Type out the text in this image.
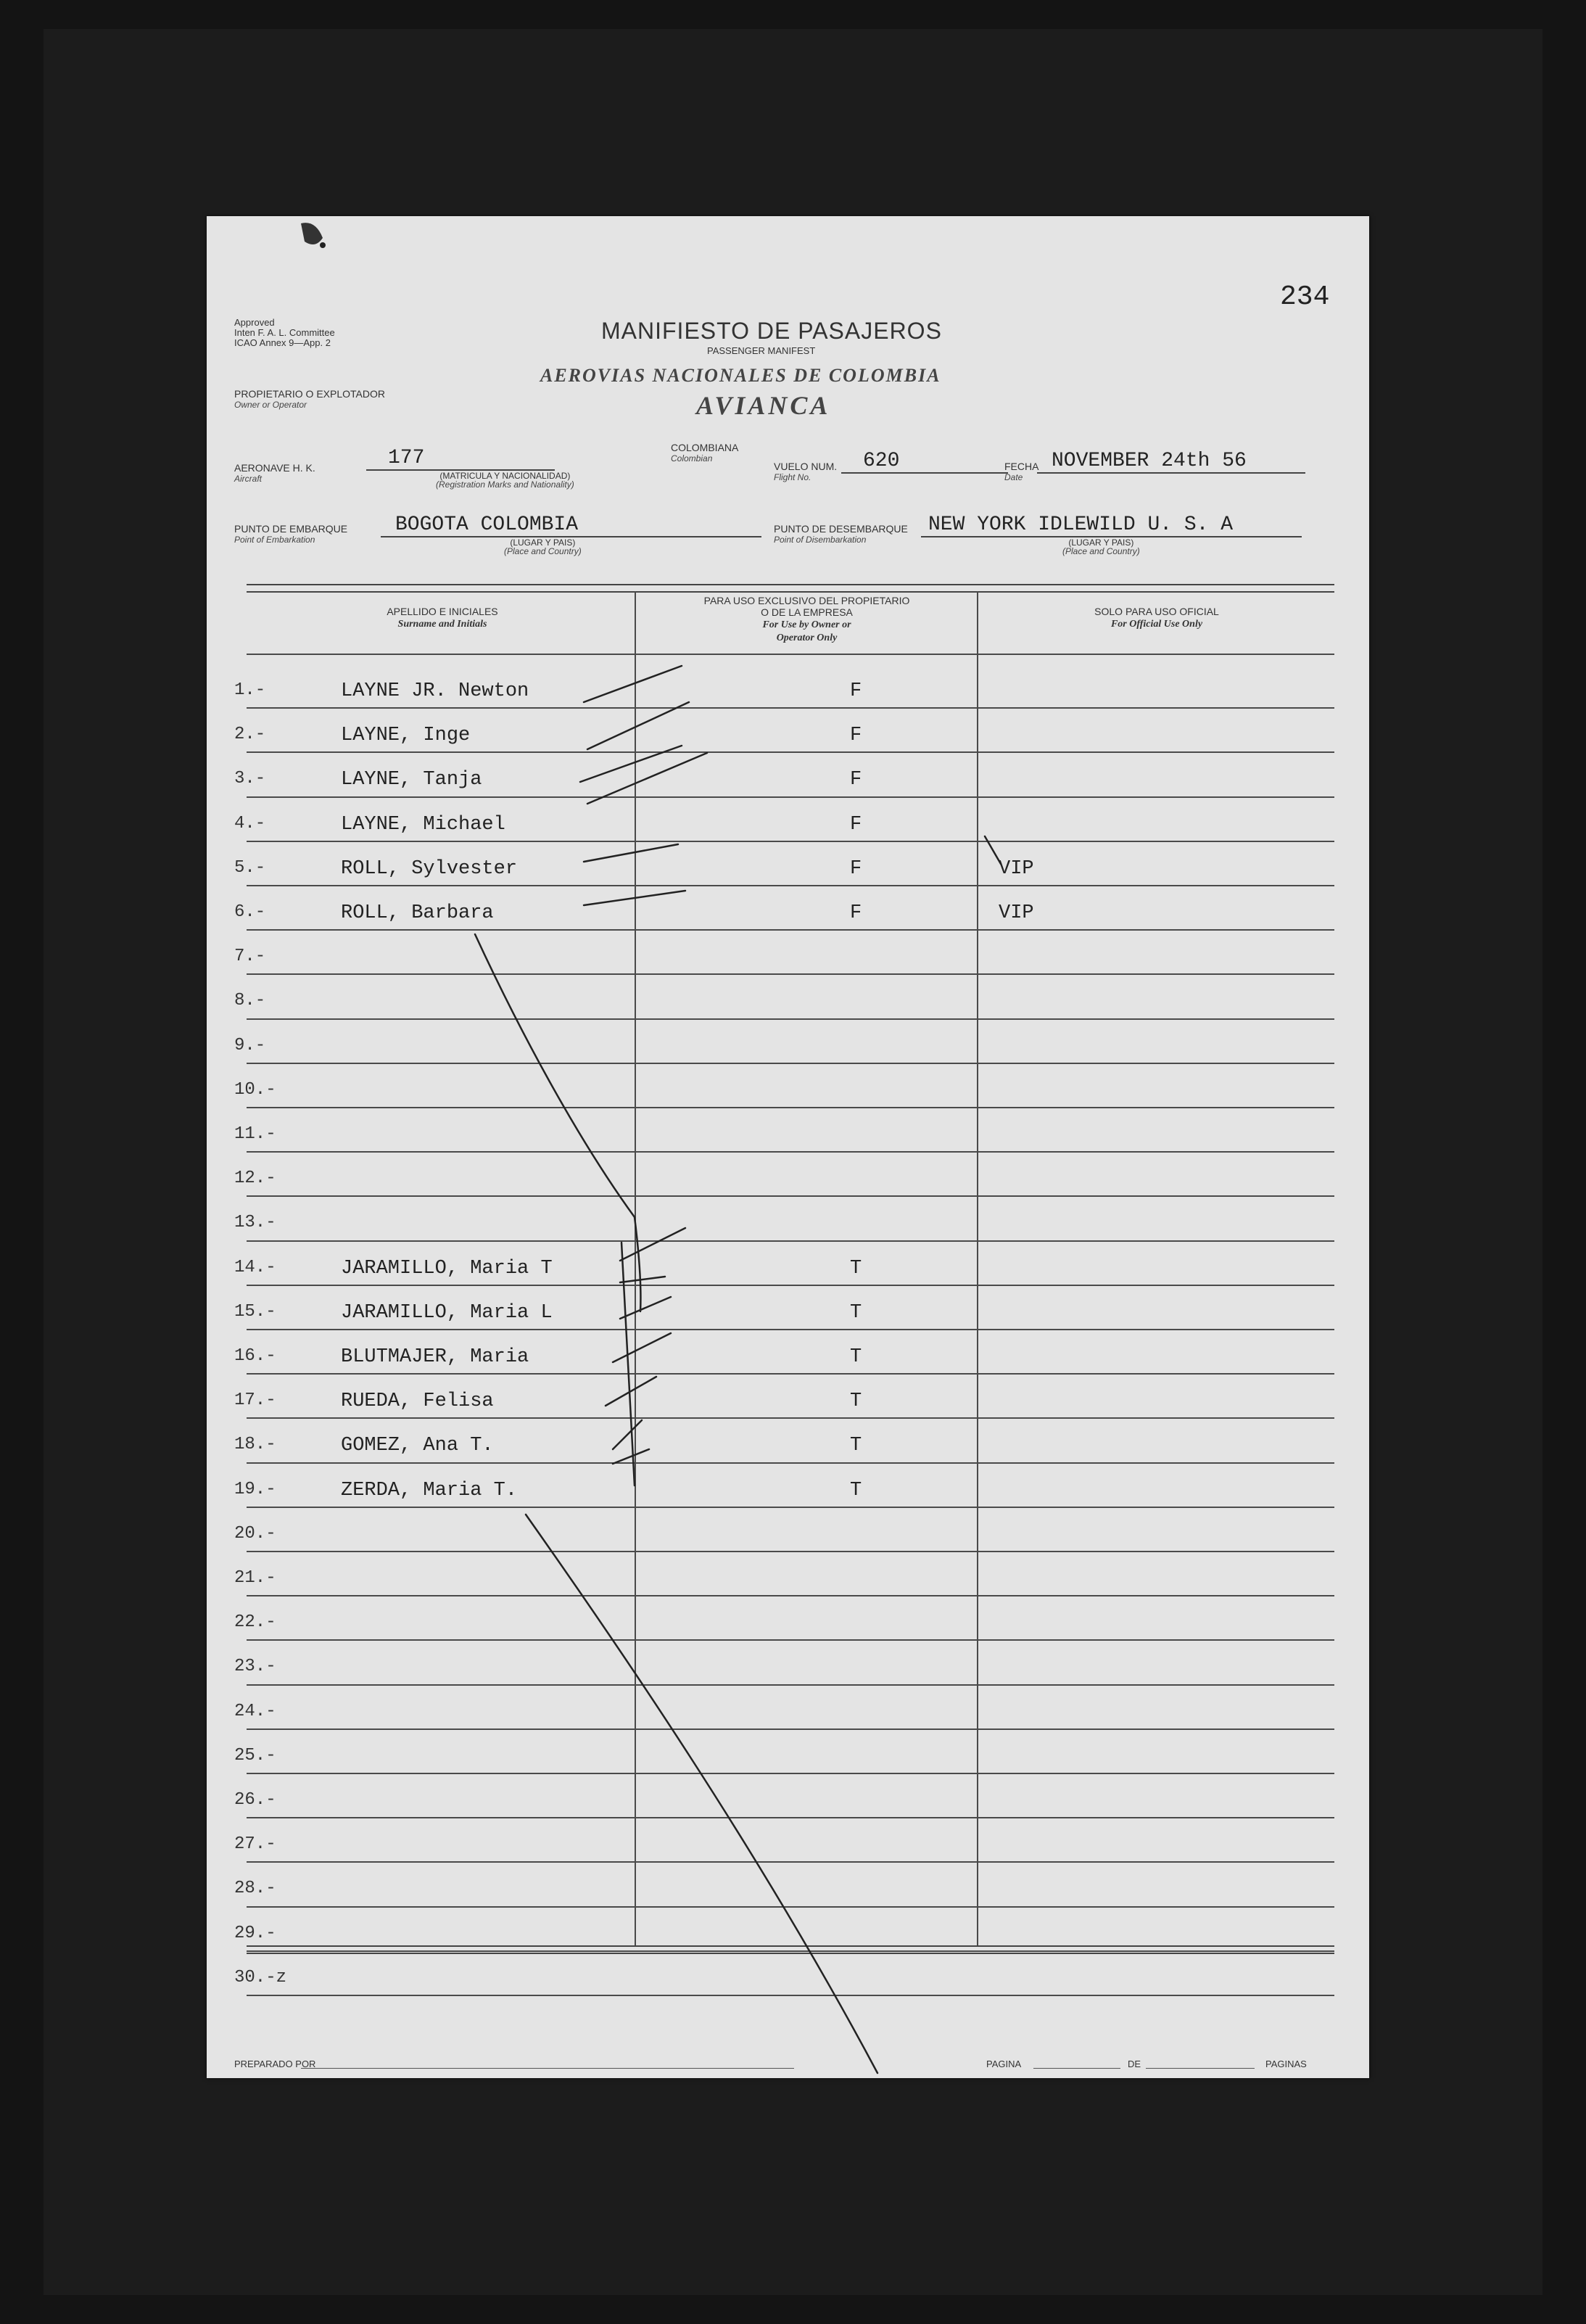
234
Approved
Inten F. A. L. Committee
ICAO Annex 9—App. 2	MANIFIESTO DE PASAJEROS
PASSENGER MANIFEST
AEROVIAS NACIONALES DE COLOMBIA
AVIANCA
PROPIETARIO O EXPLOTADOR
Owner or Operator
AERONAVE H. K.
Aircraft
177
(MATRICULA Y NACIONALIDAD)
(Registration Marks and Nationality)
COLOMBIANA
Colombian
VUELO NUM.
Flight No.
620	FECHA
Date
NOVEMBER 24th 56
PUNTO DE EMBARQUE
Point of Embarkation
BOGOTA COLOMBIA
(LUGAR Y PAIS)
(Place and Country)
PUNTO DE DESEMBARQUE
Point of Disembarkation
NEW YORK IDLEWILD U. S. A
(LUGAR Y PAIS)
(Place and Country)
APELLIDO E INICIALES
Surname and Initials
PARA USO EXCLUSIVO DEL PROPIETARIO
O DE LA EMPRESA
For Use by Owner or
Operator Only
SOLO PARA USO OFICIAL
For Official Use Only
1.-	LAYNE JR. Newton	F
2.-	LAYNE, Inge	F
3.-	LAYNE, Tanja	F
4.-	LAYNE, Michael	F
5.-	ROLL, Sylvester	F	VIP
6.-	ROLL, Barbara	F	VIP
7.-
8.-
9.-
10.-
11.-
12.-
13.-
14.-	JARAMILLO, Maria T	T
15.-	JARAMILLO, Maria L	T
16.-	BLUTMAJER, Maria	T
17.-	RUEDA, Felisa	T
18.-	GOMEZ, Ana T.	T
19.-	ZERDA, Maria T.	T
20.-
21.-
22.-
23.-
24.-
25.-
26.-
27.-
28.-
29.-
30.-z
PREPARADO POR	PAGINA	DE	PAGINAS
